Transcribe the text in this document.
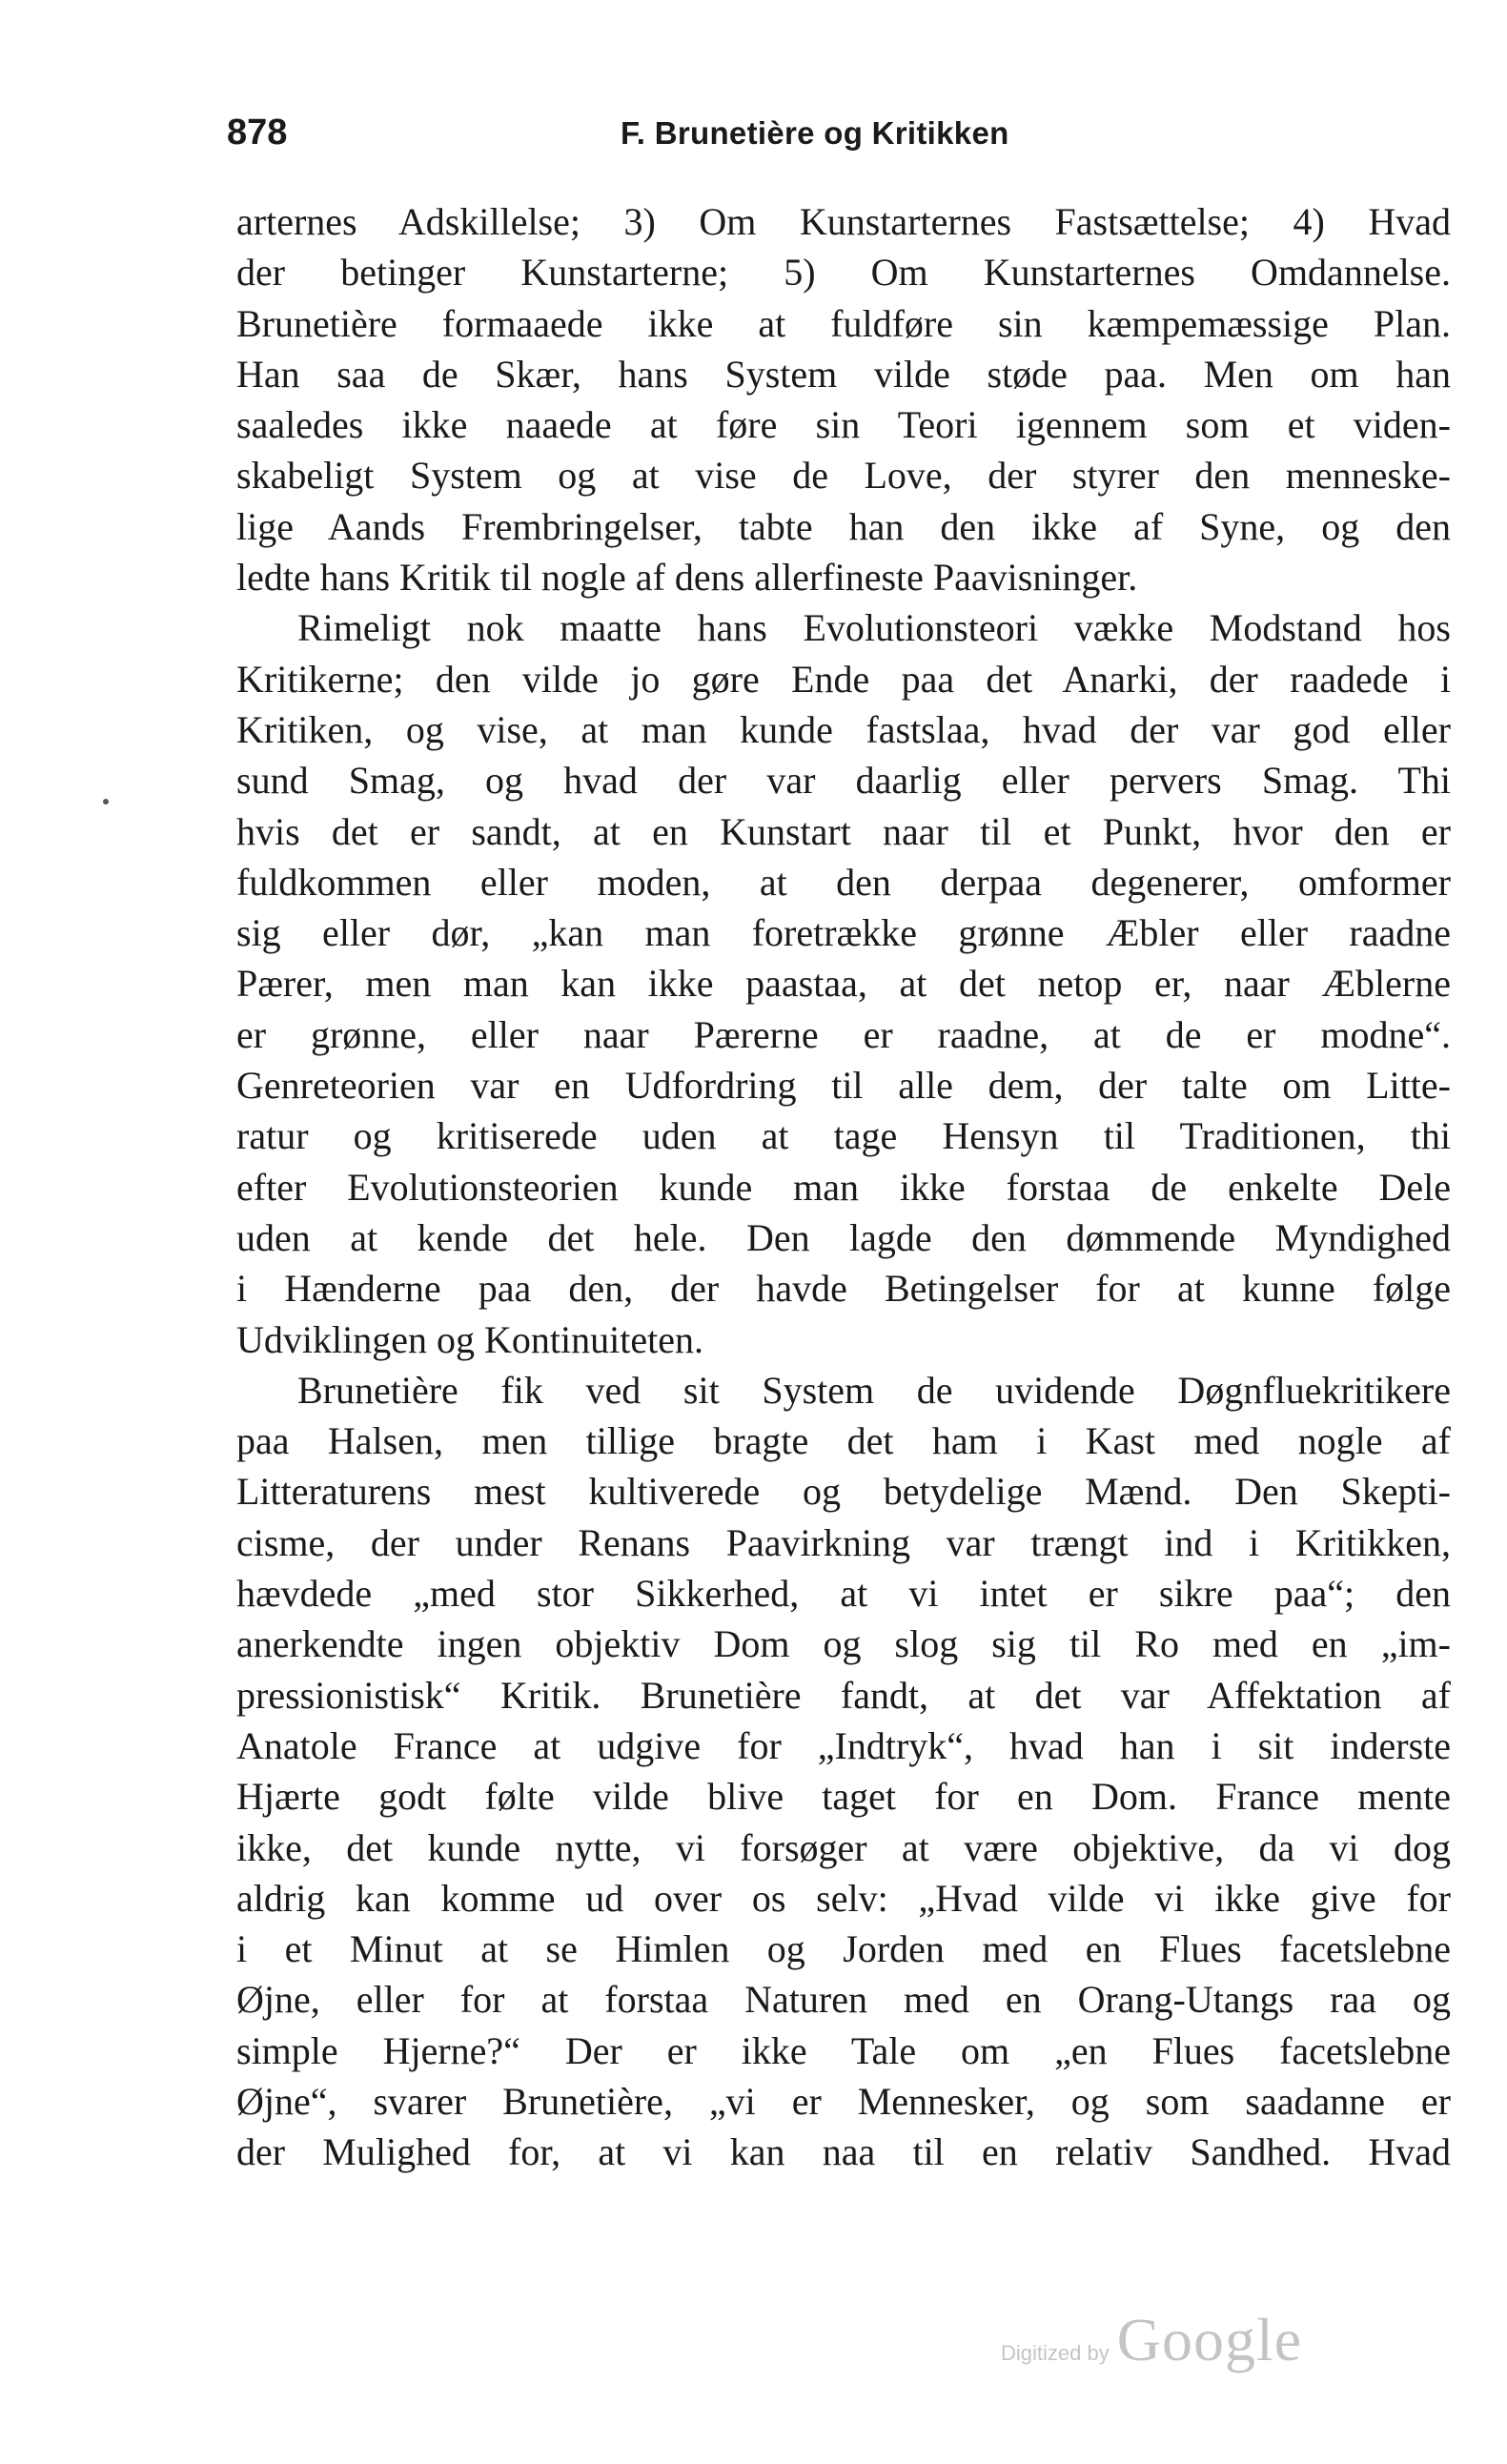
878	F. Brunetière og Kritikken
arternes Adskillelse; 3) Om Kunstarternes Fastsættelse; 4) Hvad
der betinger Kunstarterne; 5) Om Kunstarternes Omdannelse.
Brunetière formaaede ikke at fuldføre sin kæmpemæssige Plan.
Han saa de Skær, hans System vilde støde paa. Men om han
saaledes ikke naaede at føre sin Teori igennem som et viden-
skabeligt System og at vise de Love, der styrer den menneske-
lige Aands Frembringelser, tabte han den ikke af Syne, og den
ledte hans Kritik til nogle af dens allerfineste Paavisninger.
Rimeligt nok maatte hans Evolutionsteori vække Modstand hos
Kritikerne; den vilde jo gøre Ende paa det Anarki, der raadede i
Kritiken, og vise, at man kunde fastslaa, hvad der var god eller
sund Smag, og hvad der var daarlig eller pervers Smag. Thi
hvis det er sandt, at en Kunstart naar til et Punkt, hvor den er
fuldkommen eller moden, at den derpaa degenerer, omformer
sig eller dør, „kan man foretrække grønne Æbler eller raadne
Pærer, men man kan ikke paastaa, at det netop er, naar Æblerne
er grønne, eller naar Pærerne er raadne, at de er modne“.
Genreteorien var en Udfordring til alle dem, der talte om Litte-
ratur og kritiserede uden at tage Hensyn til Traditionen, thi
efter Evolutionsteorien kunde man ikke forstaa de enkelte Dele
uden at kende det hele. Den lagde den dømmende Myndighed
i Hænderne paa den, der havde Betingelser for at kunne følge
Udviklingen og Kontinuiteten.
Brunetière fik ved sit System de uvidende Døgnfluekritikere
paa Halsen, men tillige bragte det ham i Kast med nogle af
Litteraturens mest kultiverede og betydelige Mænd. Den Skepti-
cisme, der under Renans Paavirkning var trængt ind i Kritikken,
hævdede „med stor Sikkerhed, at vi intet er sikre paa“; den
anerkendte ingen objektiv Dom og slog sig til Ro med en „im-
pressionistisk“ Kritik. Brunetière fandt, at det var Affektation af
Anatole France at udgive for „Indtryk“, hvad han i sit inderste
Hjærte godt følte vilde blive taget for en Dom. France mente
ikke, det kunde nytte, vi forsøger at være objektive, da vi dog
aldrig kan komme ud over os selv: „Hvad vilde vi ikke give for
i et Minut at se Himlen og Jorden med en Flues facetslebne
Øjne, eller for at forstaa Naturen med en Orang-Utangs raa og
simple Hjerne?“ Der er ikke Tale om „en Flues facetslebne
Øjne“, svarer Brunetière, „vi er Mennesker, og som saadanne er
der Mulighed for, at vi kan naa til en relativ Sandhed. Hvad
Digitized by Google
